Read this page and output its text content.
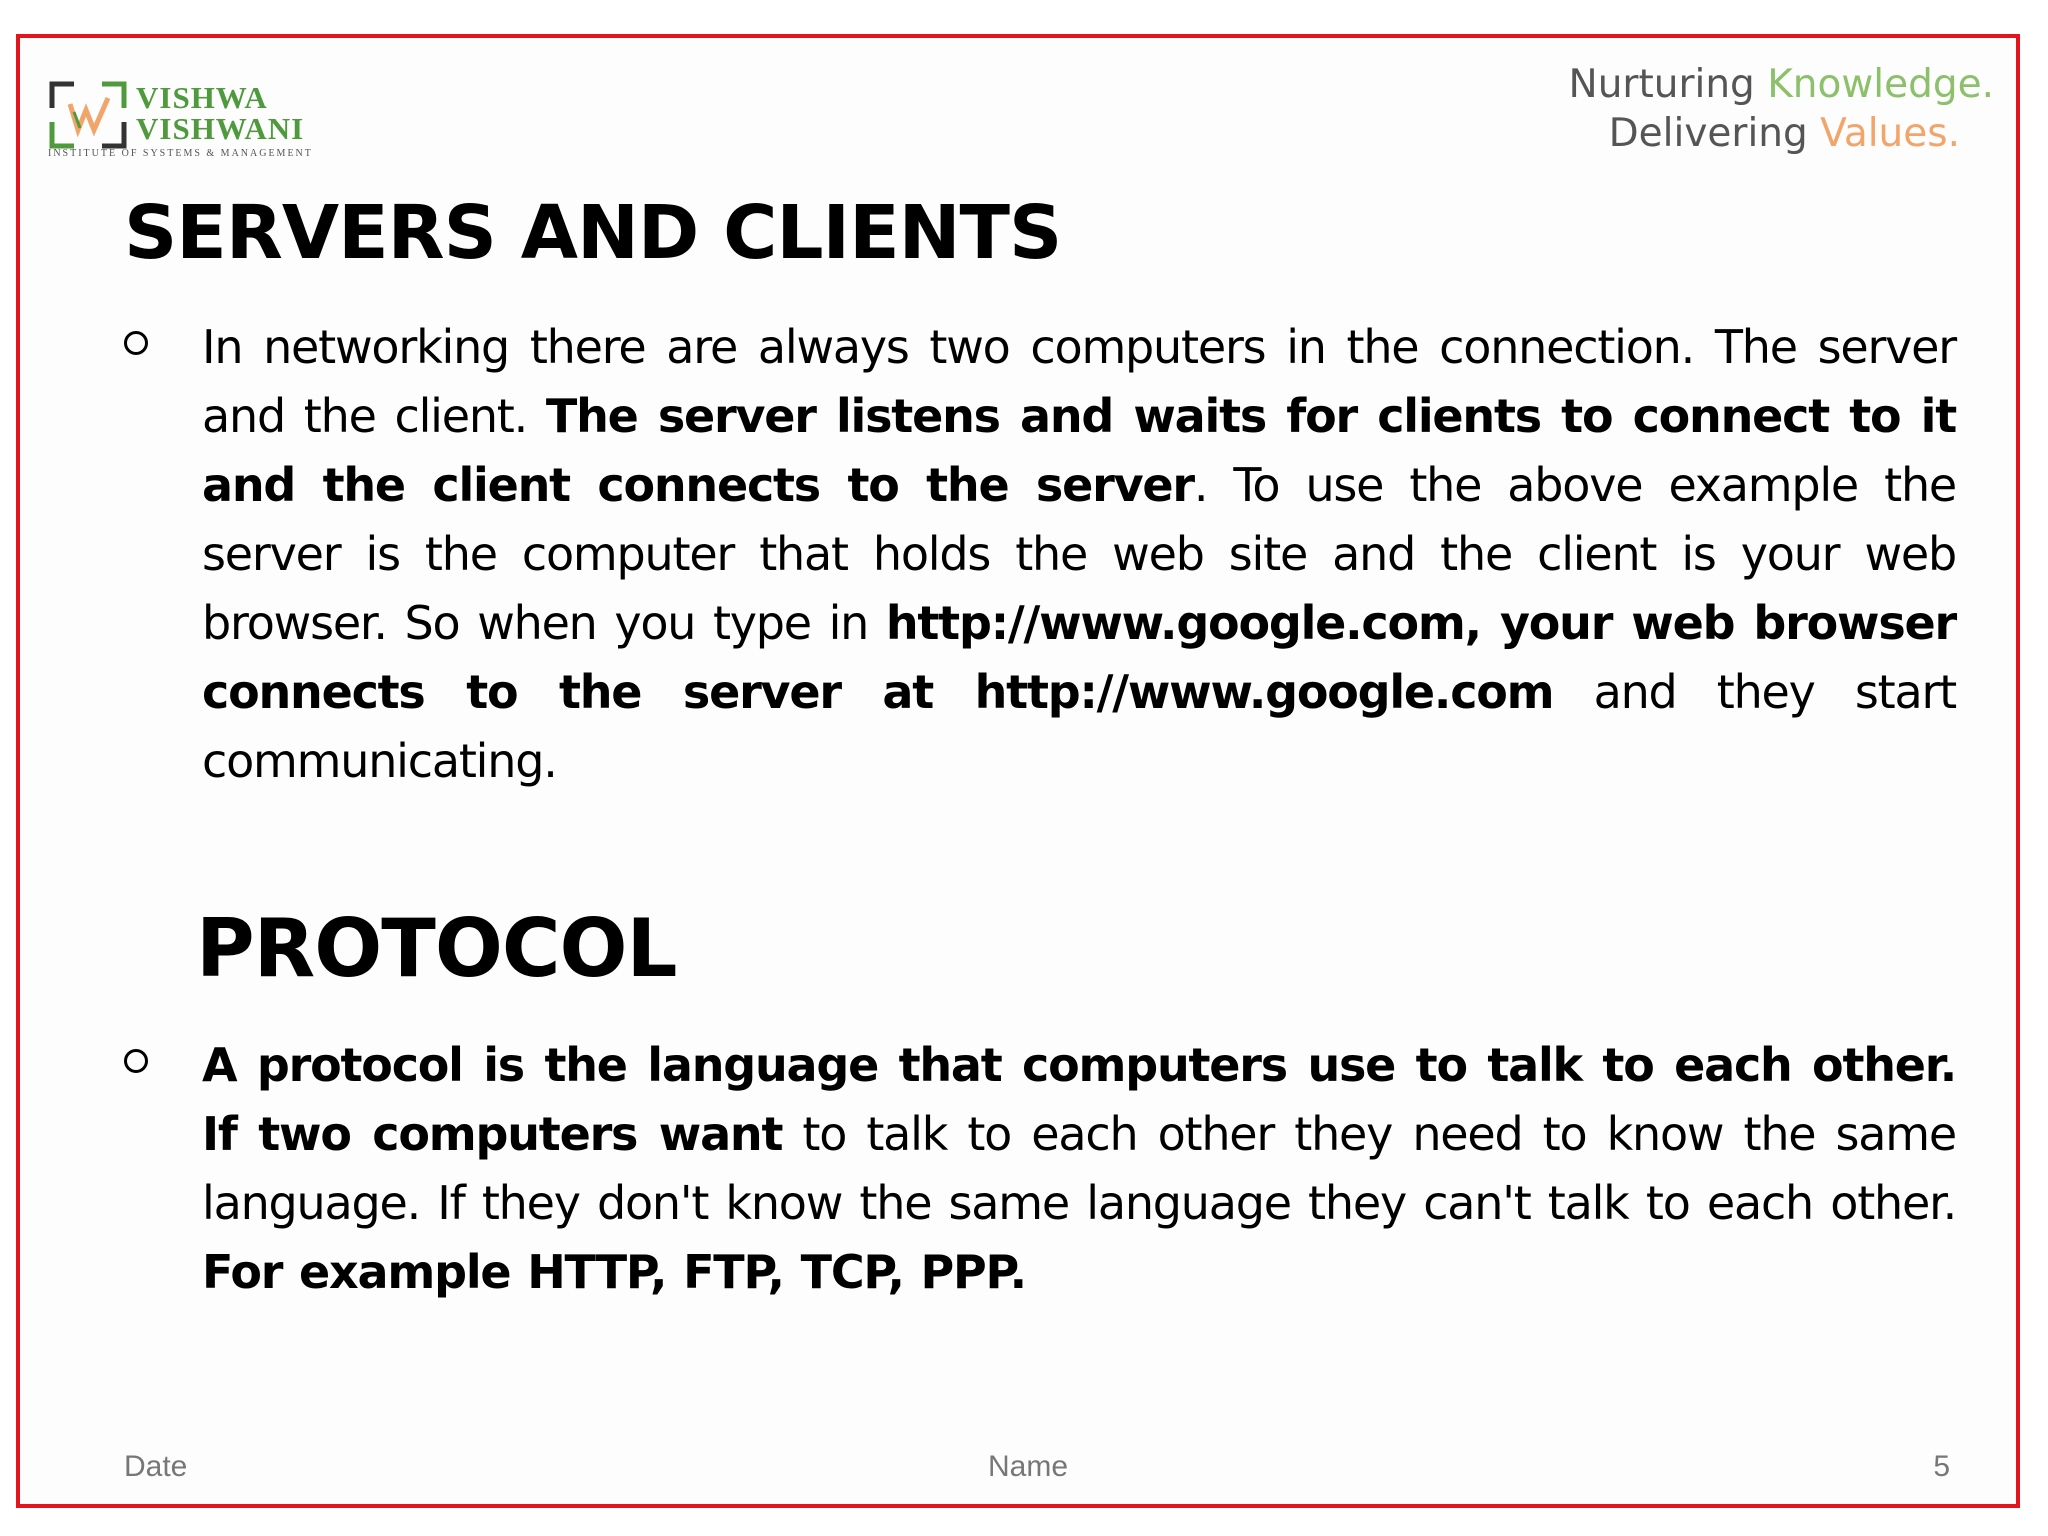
VISHWA

VISHWANI

INSTITUTE OF SYSTEMS & MANAGEMENT
Nurturing Knowledge.
Delivering Values.
SERVERS AND CLIENTS

In networking there are always two computers in the connection. The server and the client. The server listens and waits for clients to connect to it and the client connects to the server. To use the above example the server is the computer that holds the web site and the client is your web browser. So when you type in http://www.google.com, your web browser connects to the server at http://www.google.com and they start communicating.

PROTOCOL

A protocol is the language that computers use to talk to each other. If two computers want to talk to each other they need to know the same language. If they don't know the same language they can't talk to each other. For example HTTP, FTP, TCP, PPP.

Date	Name	5
